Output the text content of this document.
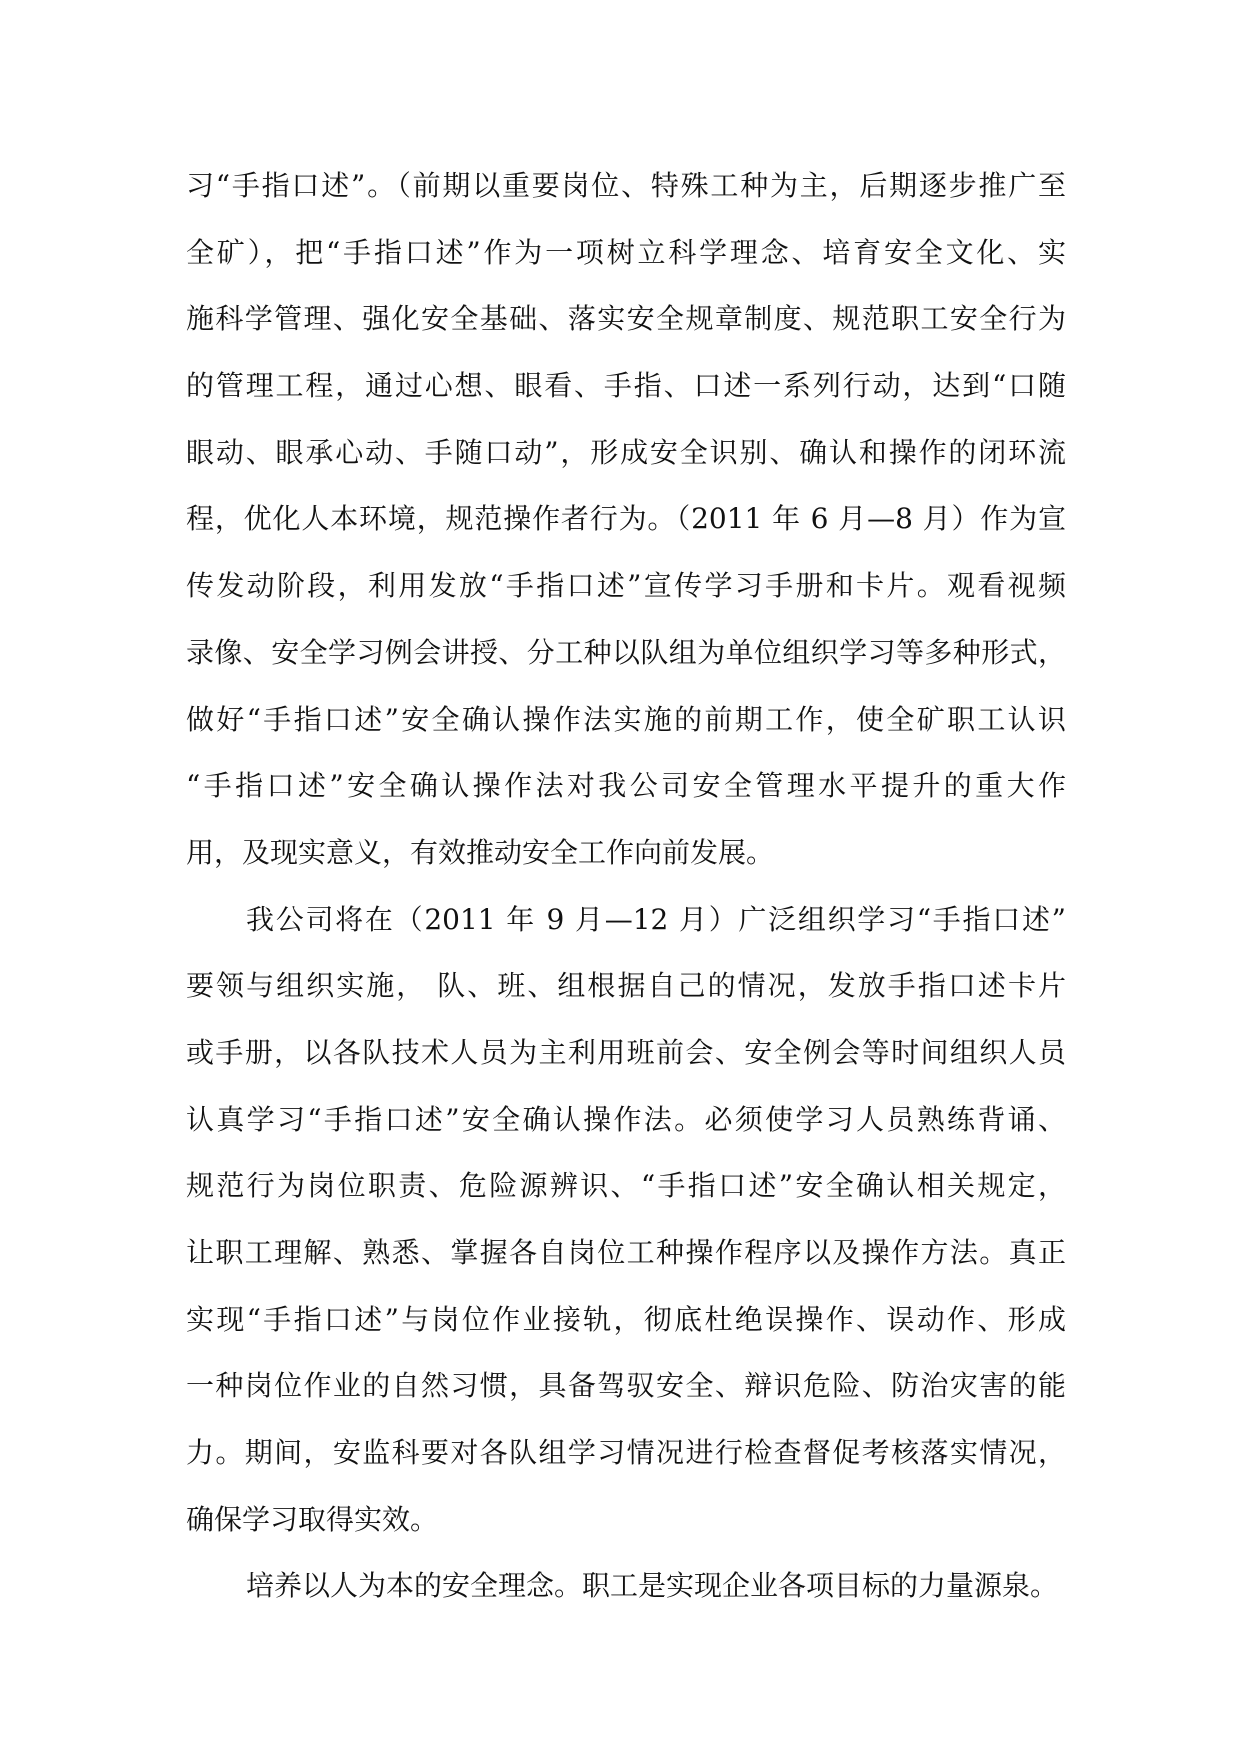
习“手指口述”。（前期以重要岗位、特殊工种为主，后期逐步推广至
全矿），把“手指口述”作为一项树立科学理念、培育安全文化、实
施科学管理、强化安全基础、落实安全规章制度、规范职工安全行为
的管理工程，通过心想、眼看、手指、口述一系列行动，达到“口随
眼动、眼承心动、手随口动”，形成安全识别、确认和操作的闭环流
程，优化人本环境，规范操作者行为。（2011 年 6 月—8 月）作为宣
传发动阶段，利用发放“手指口述”宣传学习手册和卡片。观看视频
录像、安全学习例会讲授、分工种以队组为单位组织学习等多种形式，
做好“手指口述”安全确认操作法实施的前期工作，使全矿职工认识
“手指口述”安全确认操作法对我公司安全管理水平提升的重大作
用，及现实意义，有效推动安全工作向前发展。
我公司将在（2011 年 9 月—12 月）广泛组织学习“手指口述”
要领与组织实施， 队、班、组根据自己的情况，发放手指口述卡片
或手册，以各队技术人员为主利用班前会、安全例会等时间组织人员
认真学习“手指口述”安全确认操作法。必须使学习人员熟练背诵、
规范行为岗位职责、危险源辨识、“手指口述”安全确认相关规定，
让职工理解、熟悉、掌握各自岗位工种操作程序以及操作方法。真正
实现“手指口述”与岗位作业接轨，彻底杜绝误操作、误动作、形成
一种岗位作业的自然习惯，具备驾驭安全、辩识危险、防治灾害的能
力。期间，安监科要对各队组学习情况进行检查督促考核落实情况，
确保学习取得实效。
培养以人为本的安全理念。职工是实现企业各项目标的力量源泉。
